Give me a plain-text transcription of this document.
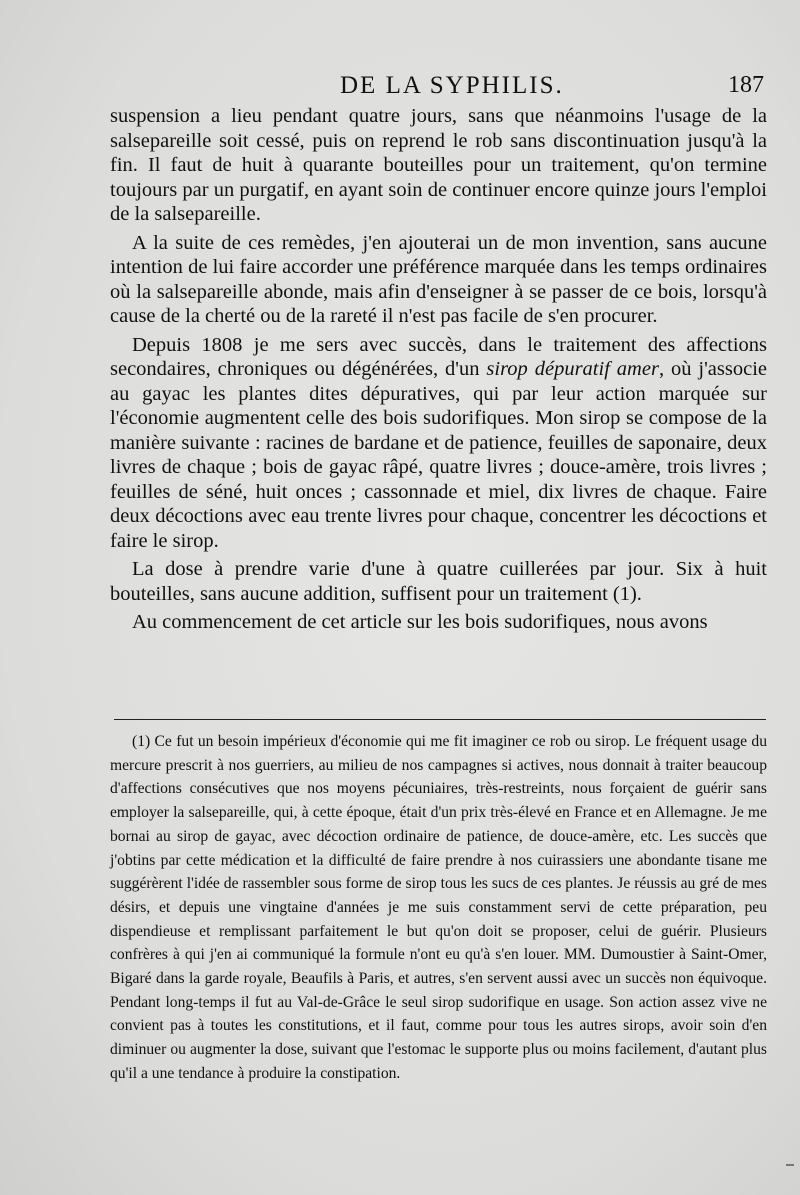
DE LA SYPHILIS.	187

suspension a lieu pendant quatre jours, sans que néanmoins l'usage de la salsepareille soit cessé, puis on reprend le rob sans discontinuation jusqu'à la fin. Il faut de huit à quarante bouteilles pour un traitement, qu'on termine toujours par un purgatif, en ayant soin de continuer encore quinze jours l'emploi de la salsepareille.

A la suite de ces remèdes, j'en ajouterai un de mon invention, sans aucune intention de lui faire accorder une préférence marquée dans les temps ordinaires où la salsepareille abonde, mais afin d'enseigner à se passer de ce bois, lorsqu'à cause de la cherté ou de la rareté il n'est pas facile de s'en procurer.

Depuis 1808 je me sers avec succès, dans le traitement des affections secondaires, chroniques ou dégénérées, d'un sirop dépuratif amer, où j'associe au gayac les plantes dites dépuratives, qui par leur action marquée sur l'économie augmentent celle des bois sudorifiques. Mon sirop se compose de la manière suivante : racines de bardane et de patience, feuilles de saponaire, deux livres de chaque ; bois de gayac râpé, quatre livres ; douce-amère, trois livres ; feuilles de séné, huit onces ; cassonnade et miel, dix livres de chaque. Faire deux décoctions avec eau trente livres pour chaque, concentrer les décoctions et faire le sirop.

La dose à prendre varie d'une à quatre cuillerées par jour. Six à huit bouteilles, sans aucune addition, suffisent pour un traitement (1).

Au commencement de cet article sur les bois sudorifiques, nous avons

(1) Ce fut un besoin impérieux d'économie qui me fit imaginer ce rob ou sirop. Le fréquent usage du mercure prescrit à nos guerriers, au milieu de nos campagnes si actives, nous donnait à traiter beaucoup d'affections consécutives que nos moyens pécuniaires, très-restreints, nous forçaient de guérir sans employer la salsepareille, qui, à cette époque, était d'un prix très-élevé en France et en Allemagne. Je me bornai au sirop de gayac, avec décoction ordinaire de patience, de douce-amère, etc. Les succès que j'obtins par cette médication et la difficulté de faire prendre à nos cuirassiers une abondante tisane me suggérèrent l'idée de rassembler sous forme de sirop tous les sucs de ces plantes. Je réussis au gré de mes désirs, et depuis une vingtaine d'années je me suis constamment servi de cette préparation, peu dispendieuse et remplissant parfaitement le but qu'on doit se proposer, celui de guérir. Plusieurs confrères à qui j'en ai communiqué la formule n'ont eu qu'à s'en louer. MM. Dumoustier à Saint-Omer, Bigaré dans la garde royale, Beaufils à Paris, et autres, s'en servent aussi avec un succès non équivoque. Pendant long-temps il fut au Val-de-Grâce le seul sirop sudorifique en usage. Son action assez vive ne convient pas à toutes les constitutions, et il faut, comme pour tous les autres sirops, avoir soin d'en diminuer ou augmenter la dose, suivant que l'estomac le supporte plus ou moins facilement, d'autant plus qu'il a une tendance à produire la constipation.
